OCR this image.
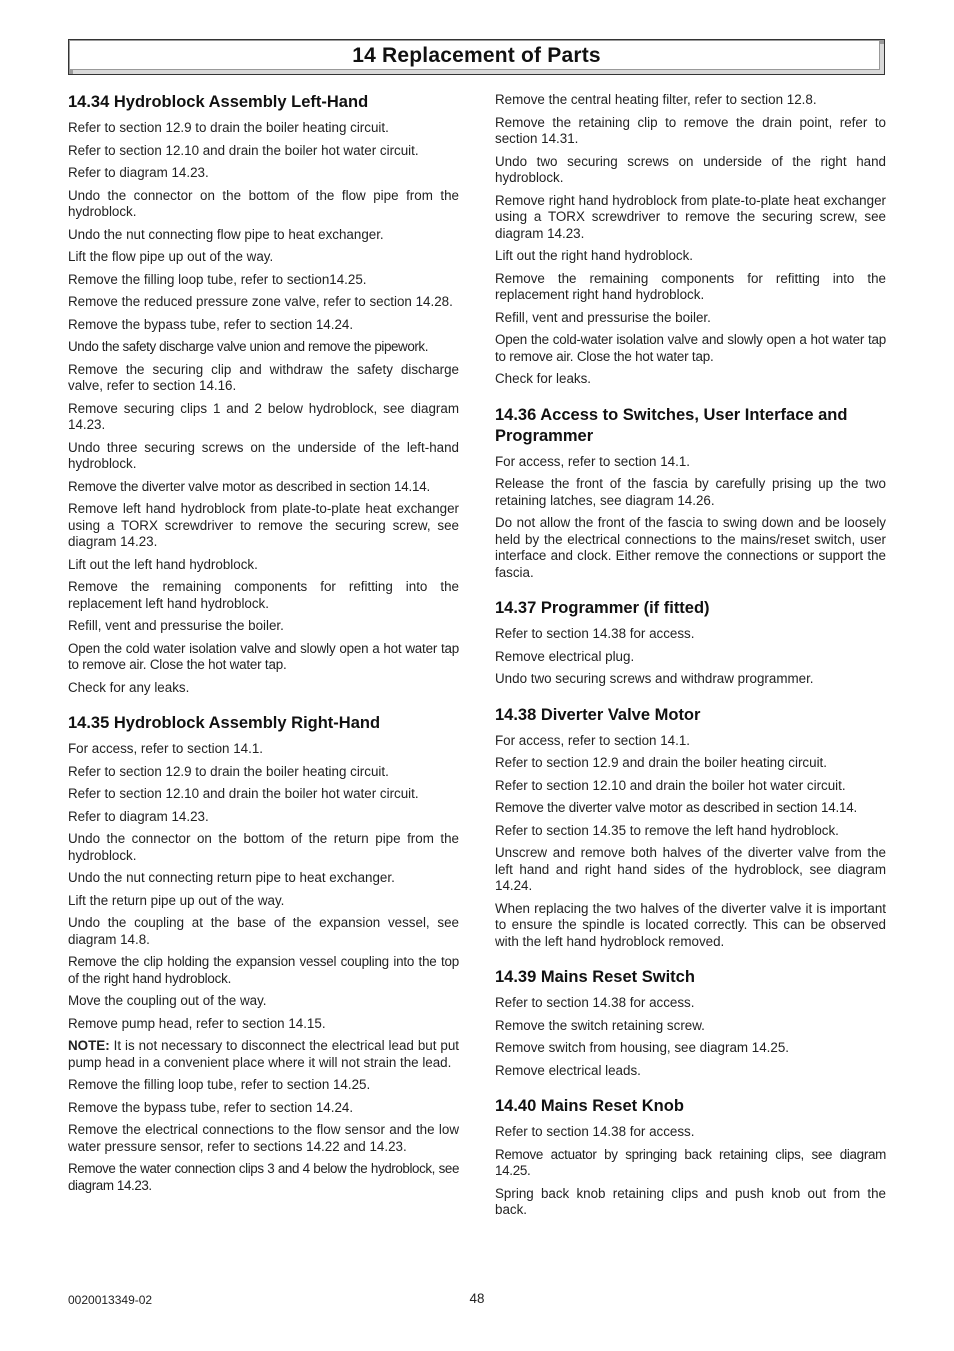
14 Replacement of Parts
14.34 Hydroblock Assembly Left-Hand

Refer to section 12.9 to drain the boiler heating circuit.

Refer to section 12.10 and drain the boiler hot water circuit.

Refer to diagram 14.23.

Undo the connector on the bottom of the flow pipe from the hydroblock.

Undo the nut connecting flow pipe to heat exchanger.

Lift the flow pipe up out of the way.

Remove the filling loop tube, refer to section14.25.

Remove the reduced pressure zone valve, refer to section 14.28.

Remove the bypass tube, refer to section 14.24.

Undo the safety discharge valve union and remove the pipework.

Remove the securing clip and withdraw the safety discharge valve, refer to section 14.16.

Remove securing clips 1 and 2 below hydroblock, see diagram 14.23.

Undo three securing screws on the underside of the left-hand hydroblock.

Remove the diverter valve motor as described in section 14.14.

Remove left hand hydroblock from plate-to-plate heat exchanger using a TORX screwdriver to remove the securing screw, see diagram 14.23.

Lift out the left hand hydroblock.

Remove the remaining components for refitting into the replacement left hand hydroblock.

Refill, vent and pressurise the boiler.

Open the cold water isolation valve and slowly open a hot water tap to remove air. Close the hot water tap.

Check for any leaks.

14.35 Hydroblock Assembly Right-Hand

For access, refer to section 14.1.

Refer to section 12.9 to drain the boiler heating circuit.

Refer to section 12.10 and drain the boiler hot water circuit.

Refer to diagram 14.23.

Undo the connector on the bottom of the return pipe from the hydroblock.

Undo the nut connecting return pipe to heat exchanger.

Lift the return pipe up out of the way.

Undo the coupling at the base of the expansion vessel, see diagram 14.8.

Remove the clip holding the expansion vessel coupling into the top of the right hand hydroblock.

Move the coupling out of the way.

Remove pump head, refer to section 14.15.

NOTE: It is not necessary to disconnect the electrical lead but put pump head in a convenient place where it will not strain the lead.

Remove the filling loop tube, refer to section 14.25.

Remove the bypass tube, refer to section 14.24.

Remove the electrical connections to the flow sensor and the low water pressure sensor, refer to sections 14.22 and 14.23.

Remove the water connection clips 3 and 4 below the hydroblock, see diagram 14.23.

Remove the central heating filter, refer to section 12.8.

Remove the retaining clip to remove the drain point, refer to section 14.31.

Undo two securing screws on underside of the right hand hydroblock.

Remove right hand hydroblock from plate-to-plate heat exchanger using a TORX screwdriver to remove the securing screw, see diagram 14.23.

Lift out the right hand hydroblock.

Remove the remaining components for refitting into the replacement right hand hydroblock.

Refill, vent and pressurise the boiler.

Open the cold-water isolation valve and slowly open a hot water tap to remove air. Close the hot water tap.

Check for leaks.

14.36 Access to Switches, User Interface and Programmer

For access, refer to section 14.1.

Release the front of the fascia by carefully prising up the two retaining latches, see diagram 14.26.

Do not allow the front of the fascia to swing down and be loosely held by the electrical connections to the mains/reset switch, user interface and clock. Either remove the connections or support the fascia.

14.37 Programmer (if fitted)

Refer to section 14.38 for access.

Remove electrical plug.

Undo two securing screws and withdraw programmer.

14.38 Diverter Valve Motor

For access, refer to section 14.1.

Refer to section 12.9 and drain the boiler heating circuit.

Refer to section 12.10 and drain the boiler hot water circuit.

Remove the diverter valve motor as described in section 14.14.

Refer to section 14.35 to remove the left hand hydroblock.

Unscrew and remove both halves of the diverter valve from the left hand and right hand sides of the hydroblock, see diagram 14.24.

When replacing the two halves of the diverter valve it is important to ensure the spindle is located correctly. This can be observed with the left hand hydroblock removed.

14.39 Mains Reset Switch

Refer to section 14.38 for access.

Remove the switch retaining screw.

Remove switch from housing, see diagram 14.25.

Remove electrical leads.

14.40 Mains Reset Knob

Refer to section 14.38 for access.

Remove actuator by springing back retaining clips, see diagram 14.25.

Spring back knob retaining clips and push knob out from the back.

0020013349-02	48
